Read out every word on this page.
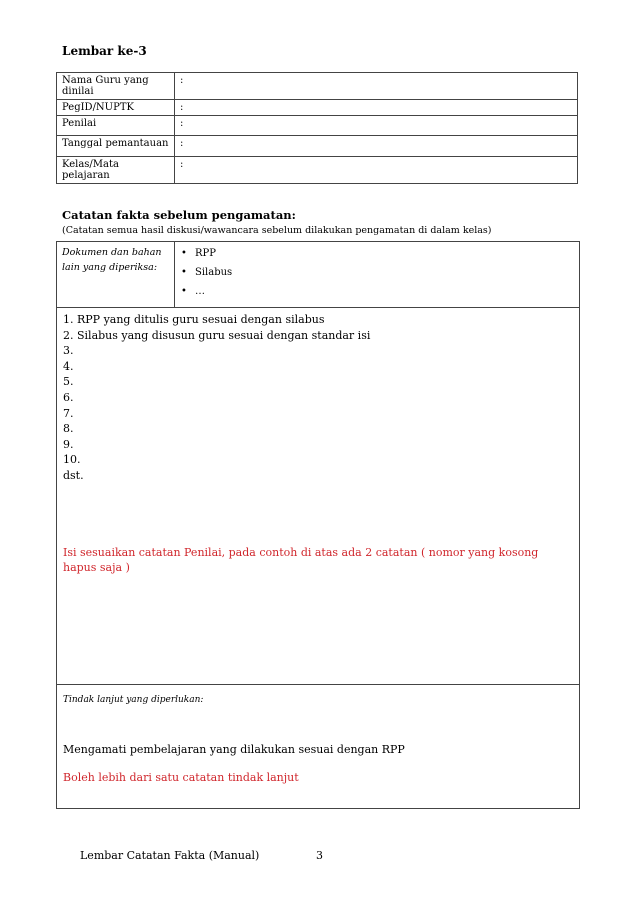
Lembar ke-3
Nama Guru yang dinilai	:
PegID/NUPTK	:
Penilai	:
Tanggal pemantauan	:
Kelas/Mata pelajaran	:
Catatan fakta sebelum pengamatan:
(Catatan semua hasil diskusi/wawancara sebelum dilakukan pengamatan di dalam kelas)
Dokumen dan bahan lain yang diperiksa:
• RPP
• Silabus
• …
1. RPP yang ditulis guru sesuai dengan silabus
2. Silabus yang disusun guru sesuai dengan standar isi
3.
4.
5.
6.
7.
8.
9.
10.
dst.
Isi sesuaikan catatan Penilai, pada contoh di atas ada 2 catatan ( nomor yang kosong hapus saja )
Tindak lanjut yang diperlukan:
Mengamati pembelajaran yang dilakukan sesuai dengan RPP
Boleh lebih dari satu catatan tindak lanjut
Lembar Catatan Fakta (Manual)	3
